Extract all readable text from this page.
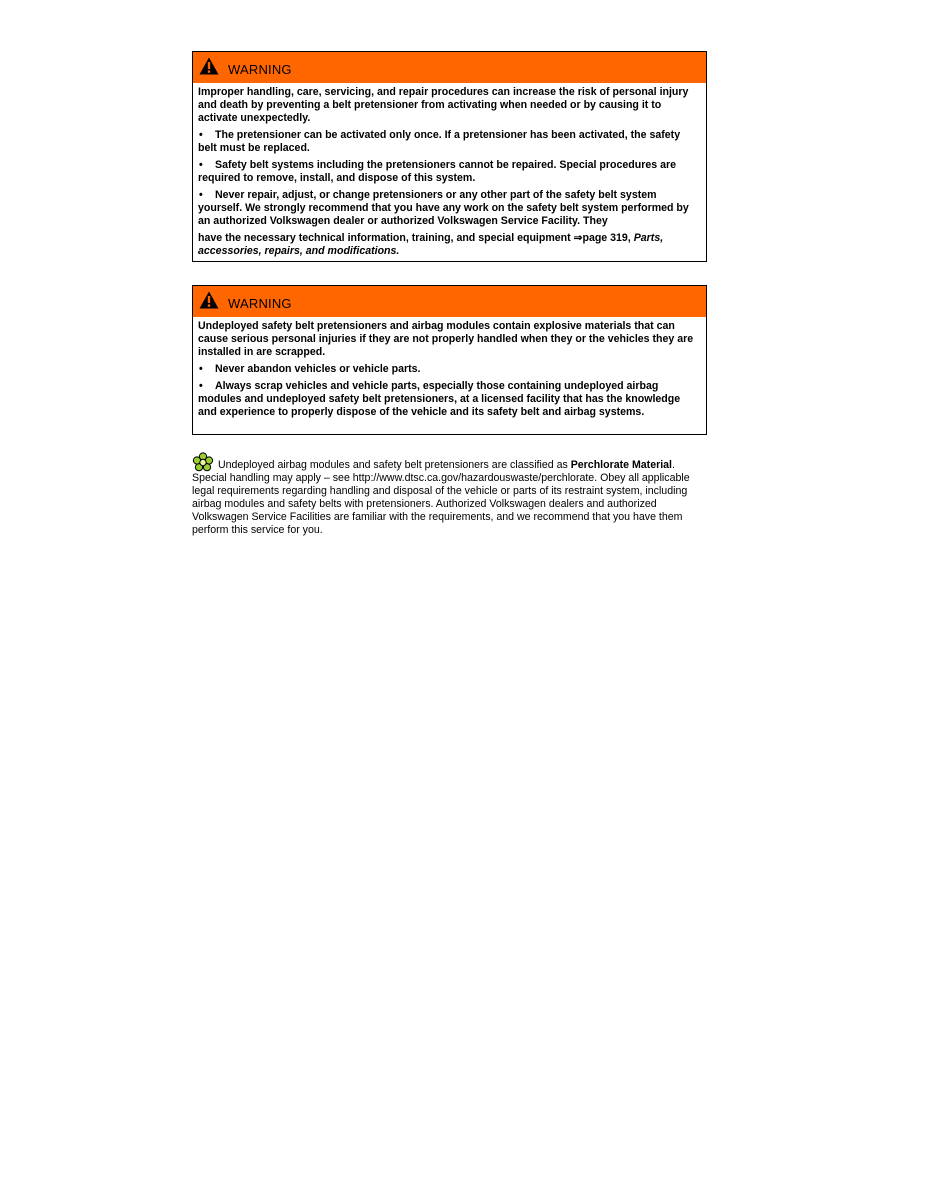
WARNING

Improper handling, care, servicing, and repair procedures can increase the risk of personal injury and death by preventing a belt pretensioner from activating when needed or by causing it to activate unexpectedly.

• The pretensioner can be activated only once. If a pretensioner has been activated, the safety belt must be replaced.

• Safety belt systems including the pretensioners cannot be repaired. Special procedures are required to remove, install, and dispose of this system.

• Never repair, adjust, or change pretensioners or any other part of the safety belt system yourself. We strongly recommend that you have any work on the safety belt system performed by an authorized Volkswagen dealer or authorized Volkswagen Service Facility. They

have the necessary technical information, training, and special equipment ⇒page 319, Parts, accessories, repairs, and modifications.

WARNING

Undeployed safety belt pretensioners and airbag modules contain explosive materials that can cause serious personal injuries if they are not properly handled when they or the vehicles they are installed in are scrapped.

• Never abandon vehicles or vehicle parts.

• Always scrap vehicles and vehicle parts, especially those containing undeployed airbag modules and undeployed safety belt pretensioners, at a licensed facility that has the knowledge and experience to properly dispose of the vehicle and its safety belt and airbag systems.

Undeployed airbag modules and safety belt pretensioners are classified as Perchlorate Material. Special handling may apply – see http://www.dtsc.ca.gov/hazardouswaste/perchlorate. Obey all applicable legal requirements regarding handling and disposal of the vehicle or parts of its restraint system, including airbag modules and safety belts with pretensioners. Authorized Volkswagen dealers and authorized Volkswagen Service Facilities are familiar with the requirements, and we recommend that you have them perform this service for you.
